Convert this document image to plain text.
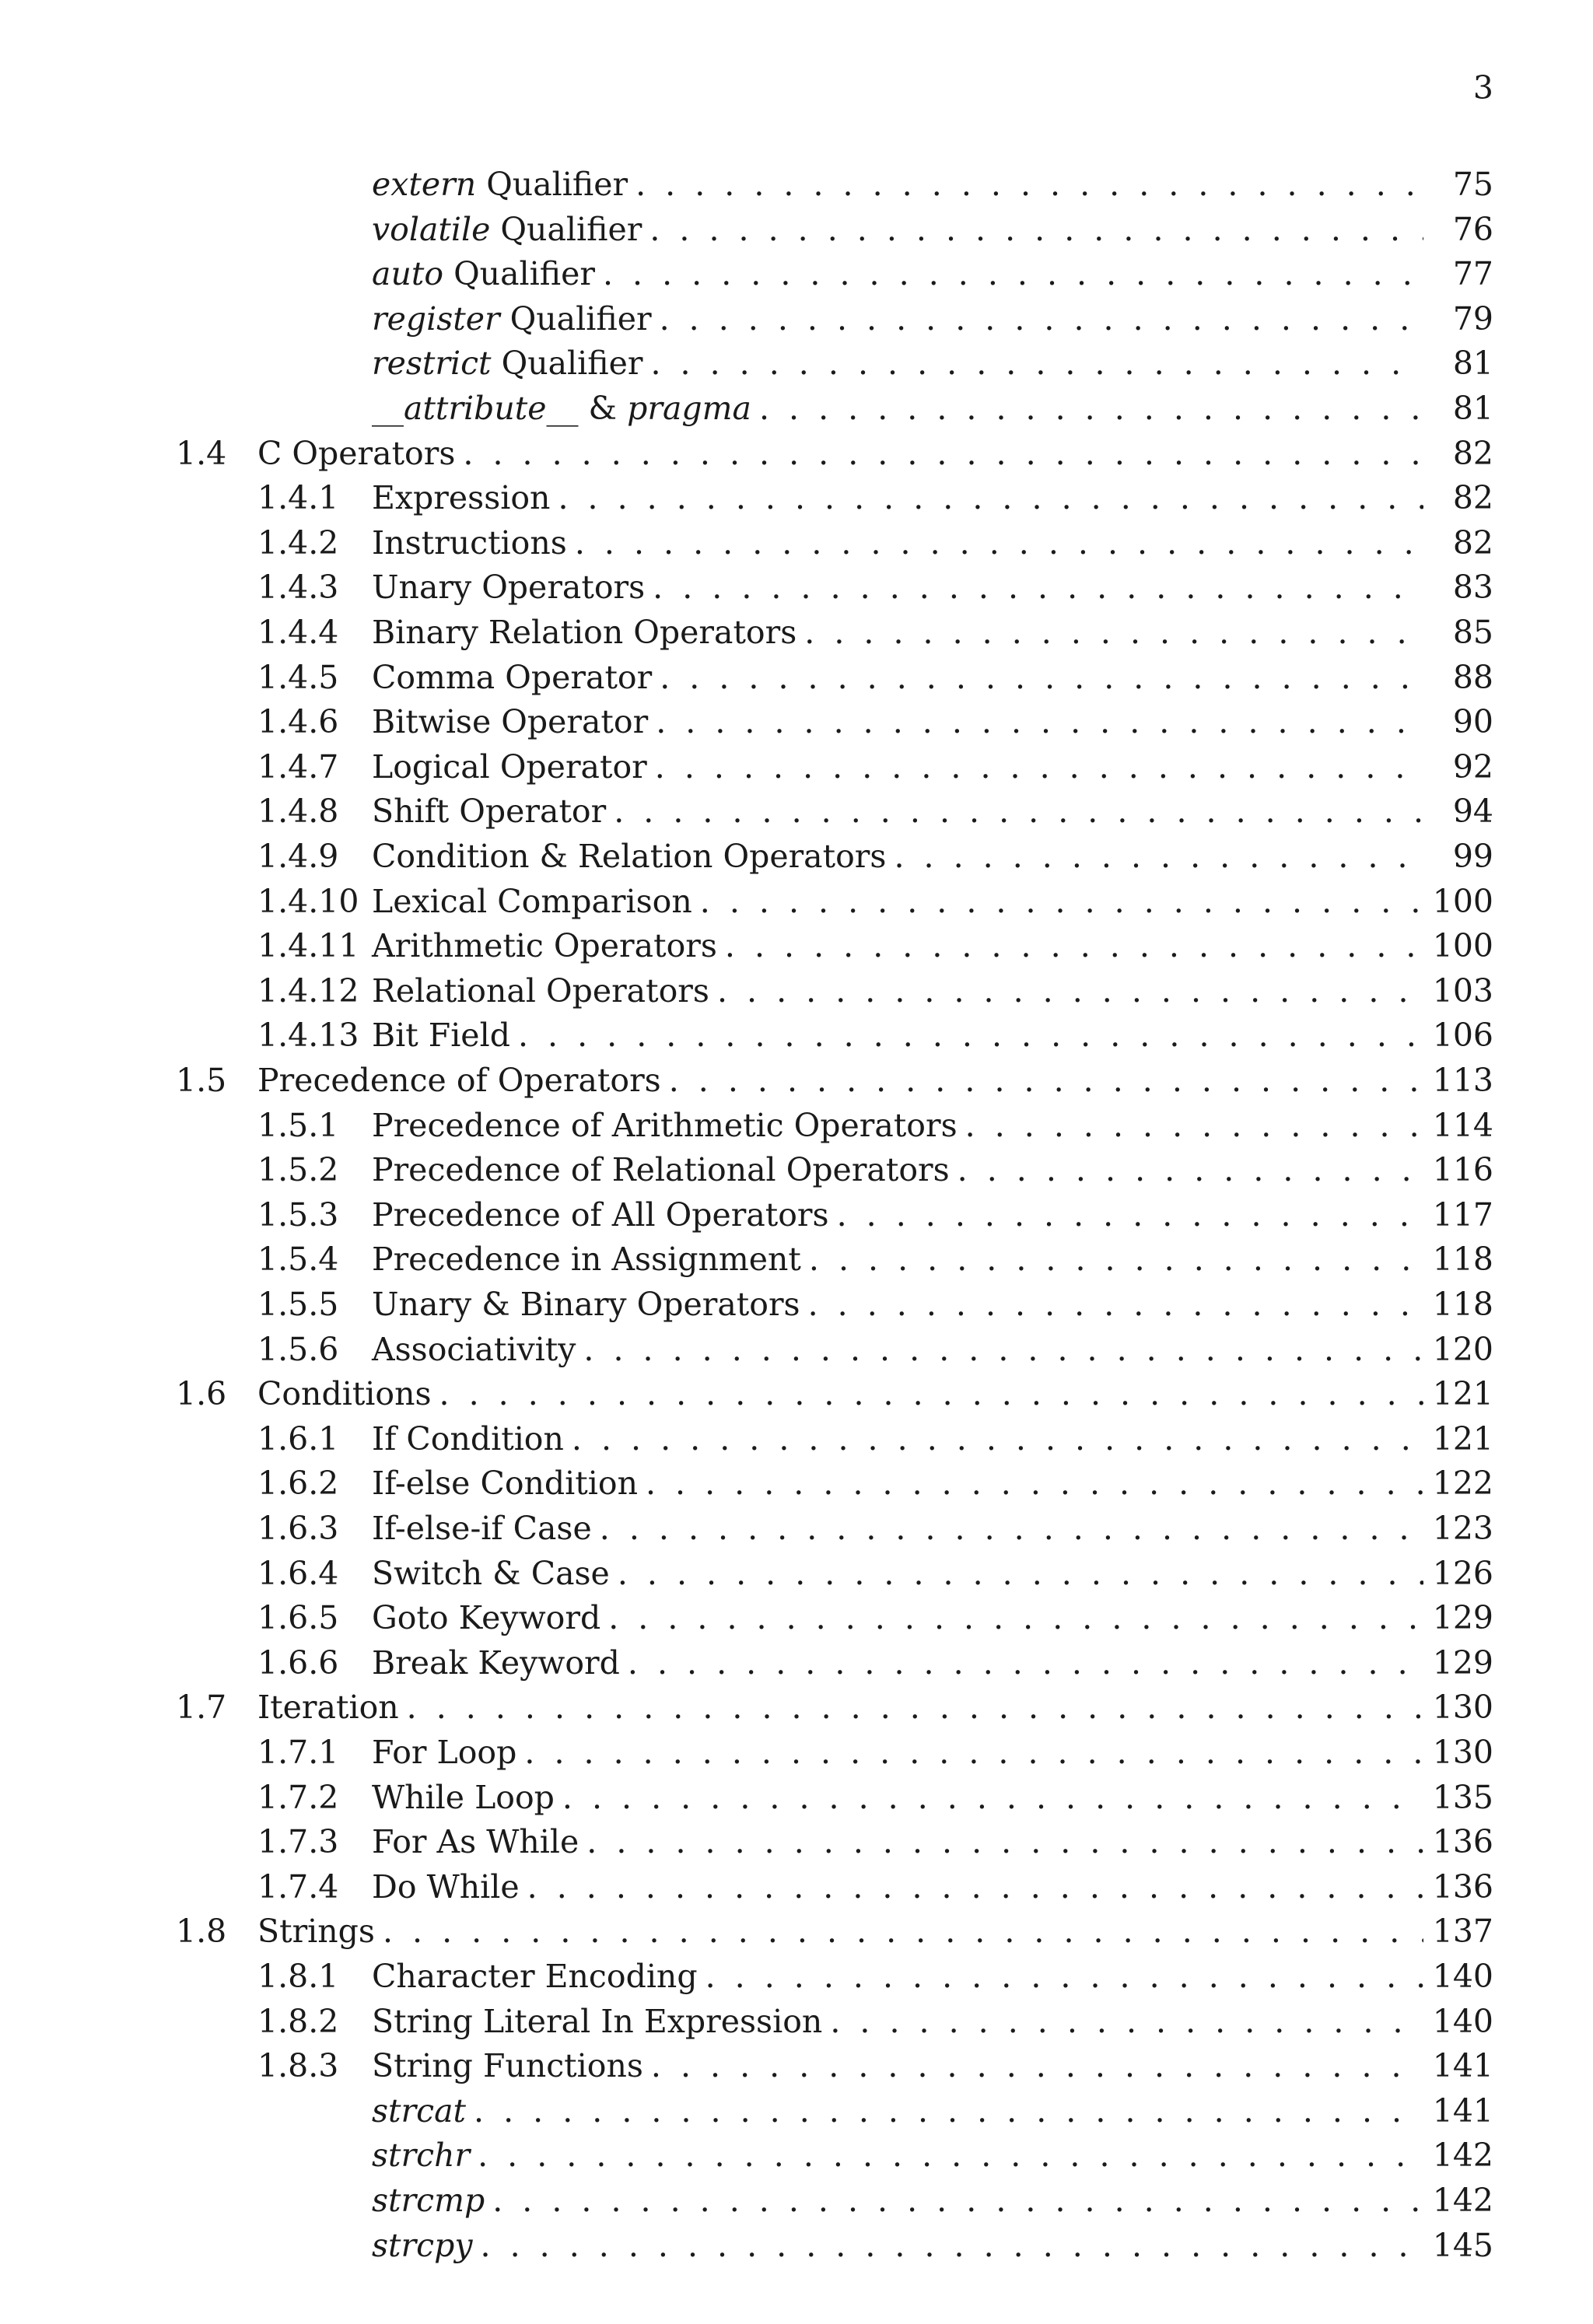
3
extern Qualifier . . .	75
volatile Qualifier . . .	76
auto Qualifier . . .	77
register Qualifier . . .	79
restrict Qualifier . . .	81
__attribute__ & pragma . . .	81
1.4 C Operators . . .	82
1.4.1 Expression . . .	82
1.4.2 Instructions . . .	82
1.4.3 Unary Operators . . .	83
1.4.4 Binary Relation Operators . . .	85
1.4.5 Comma Operator . . .	88
1.4.6 Bitwise Operator . . .	90
1.4.7 Logical Operator . . .	92
1.4.8 Shift Operator . . .	94
1.4.9 Condition & Relation Operators . . .	99
1.4.10 Lexical Comparison . . .	100
1.4.11 Arithmetic Operators . . .	100
1.4.12 Relational Operators . . .	103
1.4.13 Bit Field . . .	106
1.5 Precedence of Operators . . .	113
1.5.1 Precedence of Arithmetic Operators . . .	114
1.5.2 Precedence of Relational Operators . . .	116
1.5.3 Precedence of All Operators . . .	117
1.5.4 Precedence in Assignment . . .	118
1.5.5 Unary & Binary Operators . . .	118
1.5.6 Associativity . . .	120
1.6 Conditions . . .	121
1.6.1 If Condition . . .	121
1.6.2 If-else Condition . . .	122
1.6.3 If-else-if Case . . .	123
1.6.4 Switch & Case . . .	126
1.6.5 Goto Keyword . . .	129
1.6.6 Break Keyword . . .	129
1.7 Iteration . . .	130
1.7.1 For Loop . . .	130
1.7.2 While Loop . . .	135
1.7.3 For As While . . .	136
1.7.4 Do While . . .	136
1.8 Strings . . .	137
1.8.1 Character Encoding . . .	140
1.8.2 String Literal In Expression . . .	140
1.8.3 String Functions . . .	141
strcat . . .	141
strchr . . .	142
strcmp . . .	142
strcpy . . .	145
